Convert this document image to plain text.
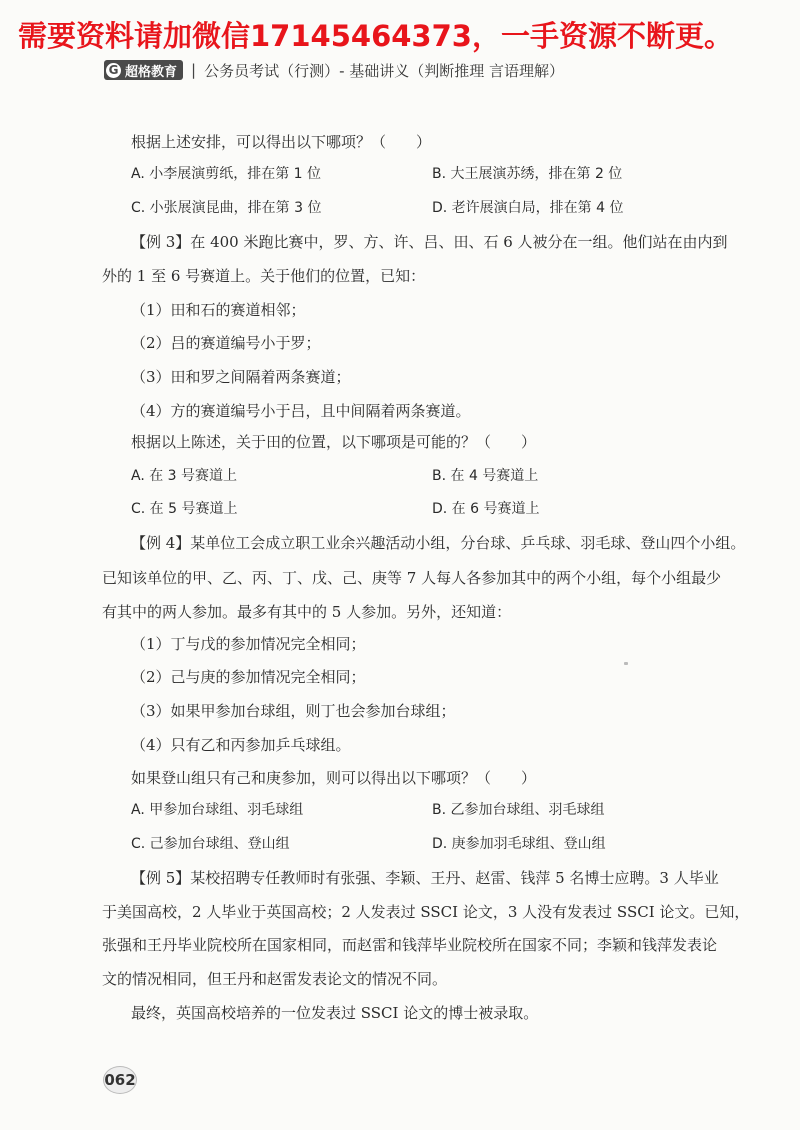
需要资料请加微信17145464373，一手资源不断更。
G 超格教育 | 公务员考试（行测）- 基础讲义（判断推理 言语理解）
根据上述安排，可以得出以下哪项？（　　）
A. 小李展演剪纸，排在第 1 位	B. 大王展演苏绣，排在第 2 位
C. 小张展演昆曲，排在第 3 位	D. 老许展演白局，排在第 4 位
【例 3】在 400 米跑比赛中，罗、方、许、吕、田、石 6 人被分在一组。他们站在由内到
外的 1 至 6 号赛道上。关于他们的位置，已知：
（1）田和石的赛道相邻；
（2）吕的赛道编号小于罗；
（3）田和罗之间隔着两条赛道；
（4）方的赛道编号小于吕，且中间隔着两条赛道。
根据以上陈述，关于田的位置，以下哪项是可能的？（　　）
A. 在 3 号赛道上	B. 在 4 号赛道上
C. 在 5 号赛道上	D. 在 6 号赛道上
【例 4】某单位工会成立职工业余兴趣活动小组，分台球、乒乓球、羽毛球、登山四个小组。
已知该单位的甲、乙、丙、丁、戊、己、庚等 7 人每人各参加其中的两个小组，每个小组最少
有其中的两人参加。最多有其中的 5 人参加。另外，还知道：
（1）丁与戊的参加情况完全相同；
（2）己与庚的参加情况完全相同；
（3）如果甲参加台球组，则丁也会参加台球组；
（4）只有乙和丙参加乒乓球组。
如果登山组只有己和庚参加，则可以得出以下哪项？（　　）
A. 甲参加台球组、羽毛球组	B. 乙参加台球组、羽毛球组
C. 己参加台球组、登山组	D. 庚参加羽毛球组、登山组
【例 5】某校招聘专任教师时有张强、李颖、王丹、赵雷、钱萍 5 名博士应聘。3 人毕业
于美国高校，2 人毕业于英国高校；2 人发表过 SSCI 论文，3 人没有发表过 SSCI 论文。已知，
张强和王丹毕业院校所在国家相同，而赵雷和钱萍毕业院校所在国家不同；李颖和钱萍发表论
文的情况相同，但王丹和赵雷发表论文的情况不同。
最终，英国高校培养的一位发表过 SSCI 论文的博士被录取。
062
